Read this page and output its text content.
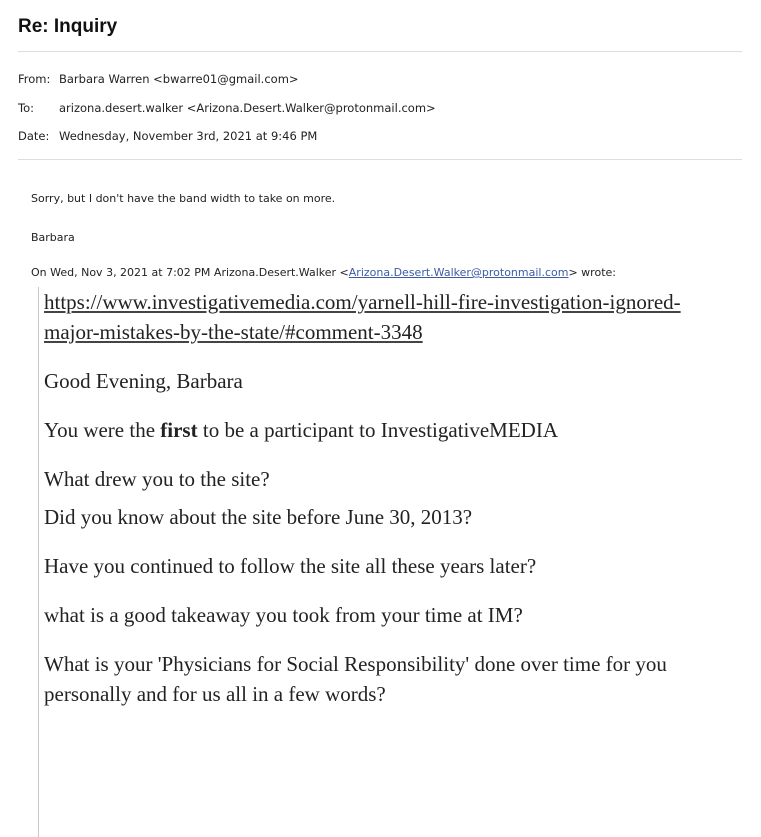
Re: Inquiry
From: Barbara Warren <bwarre01@gmail.com>
To: arizona.desert.walker <Arizona.Desert.Walker@protonmail.com>
Date: Wednesday, November 3rd, 2021 at 9:46 PM
Sorry, but I don't have the band width to take on more.
Barbara
On Wed, Nov 3, 2021 at 7:02 PM Arizona.Desert.Walker <Arizona.Desert.Walker@protonmail.com> wrote:

https://www.investigativemedia.com/yarnell-hill-fire-investigation-ignored-major-mistakes-by-the-state/#comment-3348

Good Evening, Barbara

You were the first to be a participant to InvestigativeMEDIA

What drew you to the site?

Did you know about the site before June 30, 2013?

Have you continued to follow the site all these years later?

what is a good takeaway you took from your time at IM?

What is your 'Physicians for Social Responsibility' done over time for you personally and for us all in a few words?
